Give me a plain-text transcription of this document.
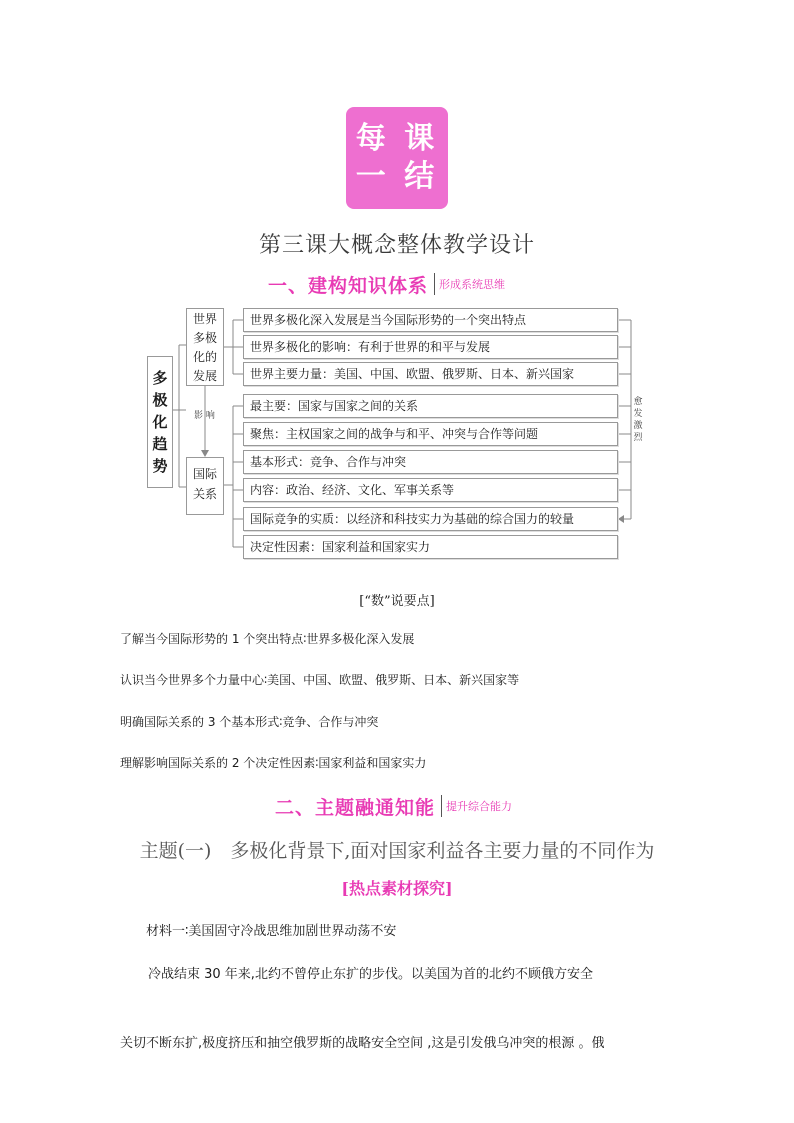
每 课
一 结
第三课大概念整体教学设计
一、建构知识体系 形成系统思维
多
极
化
趋
势
世界
多极
化的
发展
国际
关系
影 响
愈
发
激
烈
世界多极化深入发展是当今国际形势的一个突出特点
世界多极化的影响：有利于世界的和平与发展
世界主要力量：美国、中国、欧盟、俄罗斯、日本、新兴国家
最主要：国家与国家之间的关系
聚焦：主权国家之间的战争与和平、冲突与合作等问题
基本形式：竞争、合作与冲突
内容：政治、经济、文化、军事关系等
国际竞争的实质：以经济和科技实力为基础的综合国力的较量
决定性因素：国家利益和国家实力
[“数”说要点]
了解当今国际形势的 1 个突出特点∶世界多极化深入发展
认识当今世界多个力量中心∶美国、中国、欧盟、俄罗斯、日本、新兴国家等
明确国际关系的 3 个基本形式∶竞争、合作与冲突
理解影响国际关系的 2 个决定性因素∶国家利益和国家实力
二、主题融通知能 提升综合能力
主题(一)　多极化背景下,面对国家利益各主要力量的不同作为
[热点素材探究]
材料一∶美国固守冷战思维加剧世界动荡不安
冷战结束 30 年来,北约不曾停止东扩的步伐。以美国为首的北约不顾俄方安全
关切不断东扩,极度挤压和抽空俄罗斯的战略安全空间 ,这是引发俄乌冲突的根源 。俄
